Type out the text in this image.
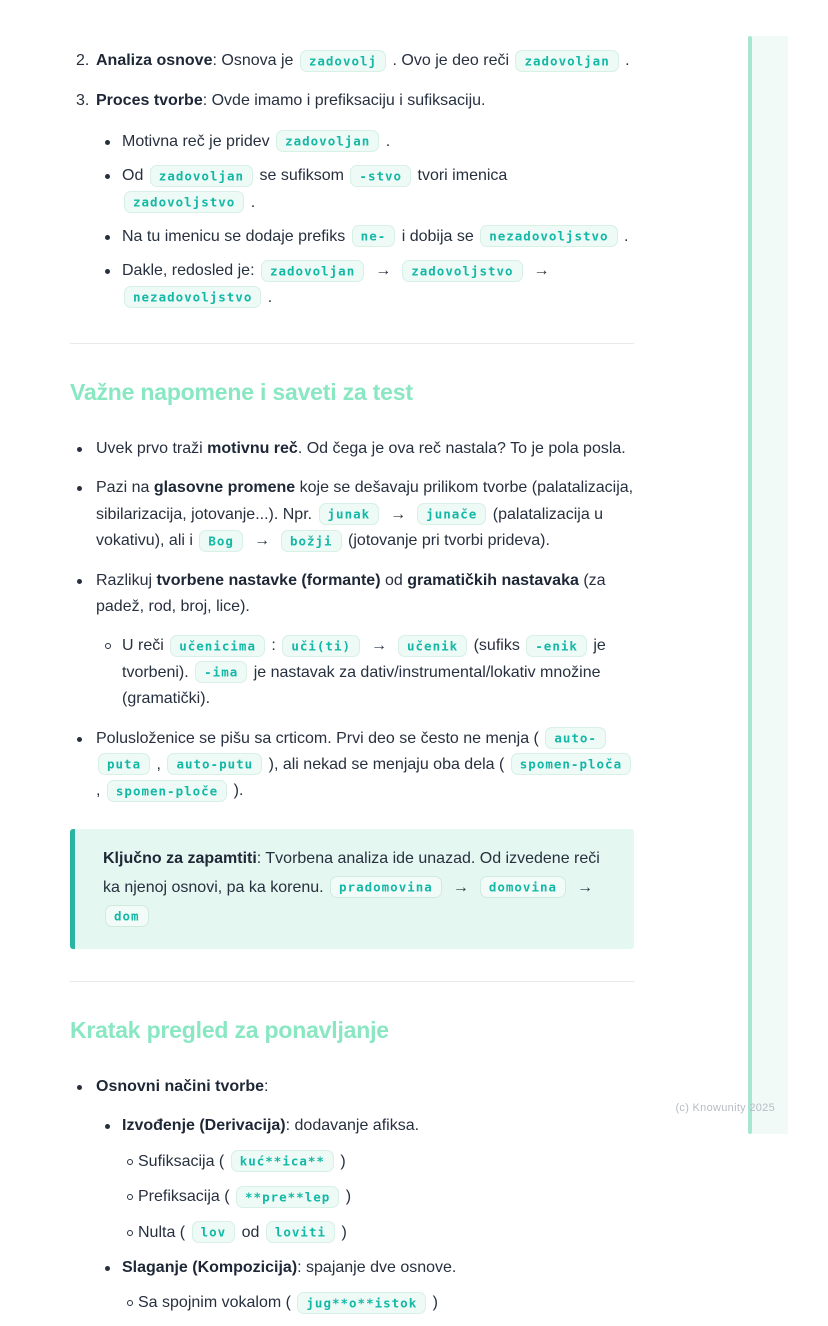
2. Analiza osnove: Osnova je zadovolj . Ovo je deo reči zadovoljan .
3. Proces tvorbe: Ovde imamo i prefiksaciju i sufiksaciju.
Motivna reč je pridev zadovoljan .
Od zadovoljan se sufiksom -stvo tvori imenica zadovoljstvo .
Na tu imenicu se dodaje prefiks ne- i dobija se nezadovoljstvo .
Dakle, redosled je: zadovoljan → zadovoljstvo →nezadovoljstvo .
Važne napomene i saveti za test
Uvek prvo traži motivnu reč. Od čega je ova reč nastala? To je pola posla.
Pazi na glasovne promene koje se dešavaju prilikom tvorbe (palatalizacija, sibilarizacija, jotovanje...). Npr. junak → junače (palatalizacija u vokativu), ali i Bog → božji (jotovanje pri tvorbi prideva).
Razlikuj tvorbene nastavke (formante) od gramatičkih nastavaka (za padež, rod, broj, lice).
U reči učenicima : uči(ti) → učenik (sufiks -enik je tvorbeni). -ima je nastavak za dativ/instrumental/lokativ množine (gramatički).
Polusloženice se pišu sa crticom. Prvi deo se često ne menja ( auto-puta , auto-putu ), ali nekad se menjaju oba dela ( spomen-ploča , spomen-ploče ).
Ključno za zapamtiti: Tvorbena analiza ide unazad. Od izvedene reči ka njenoj osnovi, pa ka korenu. pradomovina → domovina →dom
Kratak pregled za ponavljanje
Osnovni načini tvorbe:
Izvođenje (Derivacija): dodavanje afiksa.
Sufiksacija ( kuć**ica** )
Prefiksacija ( **pre**lep )
Nulta ( lov od loviti )
Slaganje (Kompozicija): spajanje dve osnove.
Sa spojnim vokalom ( jug**o**istok )
(c) Knowunity 2025
